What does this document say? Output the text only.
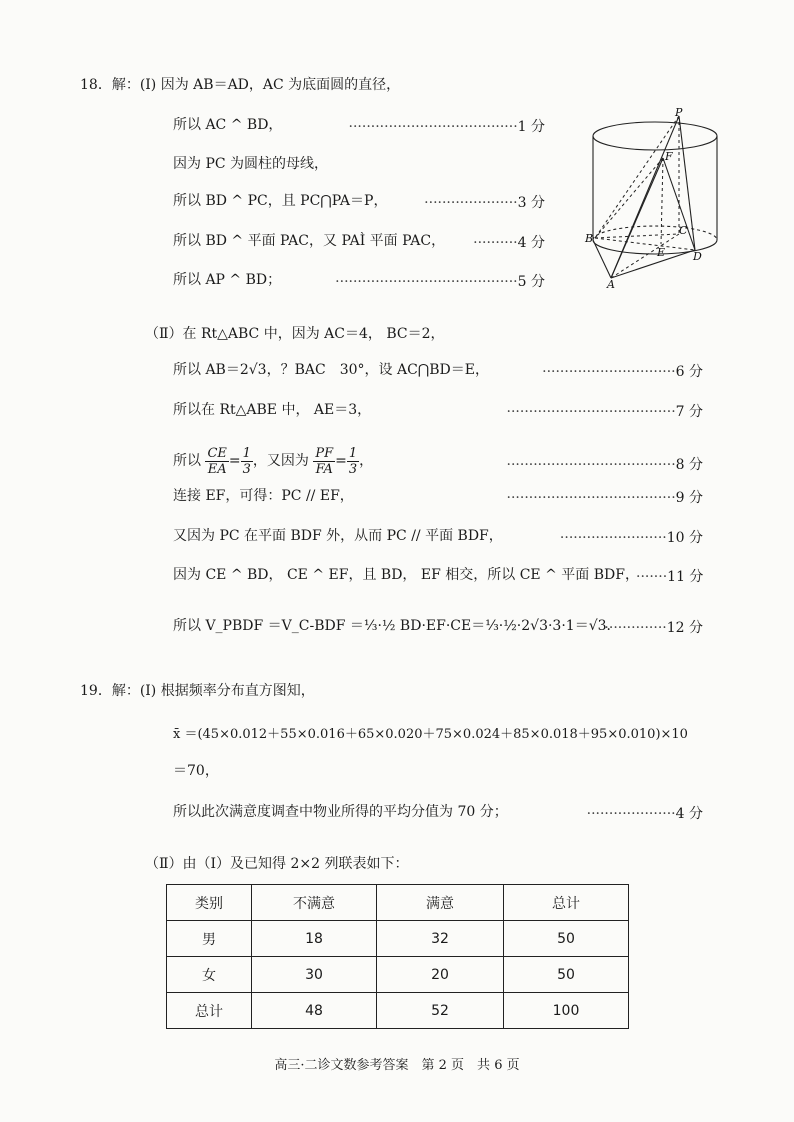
18．解：(Ⅰ) 因为 AB＝AD，AC 为底面圆的直径，
所以 AC ^ BD，	······································1 分
因为 PC 为圆柱的母线，
所以 BD ^ PC，且 PC⋂PA＝P，	·····················3 分
所以 BD ^ 平面 PAC，又 PAÌ 平面 PAC， ··········4 分
所以 AP ^ BD；	·········································5 分
P
F
B
C
E	D
A
（Ⅱ）在 Rt△ABC 中，因为 AC＝4， BC＝2，
所以 AB＝2√3，？BAC　30°，设 AC⋂BD＝E，	······························6 分
所以在 Rt△ABE 中， AE＝3，	······································7 分
所以 $\frac{CE}{EA} = \frac{1}{3}$ ，又因为 $\frac{PF}{FA} = \frac{1}{3}$ ，	······································8 分
连接 EF，可得：PC // EF，	······································9 分
又因为 PC 在平面 BDF 外，从而 PC // 平面 BDF，	························10 分
因为 CE ^ BD， CE ^ EF，且 BD， EF 相交，所以 CE ^ 平面 BDF，
·······11 分
所以 V_PBDF ＝V_C-BDF ＝⅓·½ BD·EF·CE＝⅓·½·2√3·3·1＝√3．
··············12 分
19．解：(Ⅰ) 根据频率分布直方图知，
x̄ ＝(45×0.012＋55×0.016＋65×0.020＋75×0.024＋85×0.018＋95×0.010)×10
＝70，
所以此次满意度调查中物业所得的平均分值为 70 分；	····················4 分
（Ⅱ）由（Ⅰ）及已知得 2×2 列联表如下：
类别	不满意	满意	总计
男	18	32	50
女	30	20	50
总计	48	52	100
高三·二诊文数参考答案　第 2 页　共 6 页
